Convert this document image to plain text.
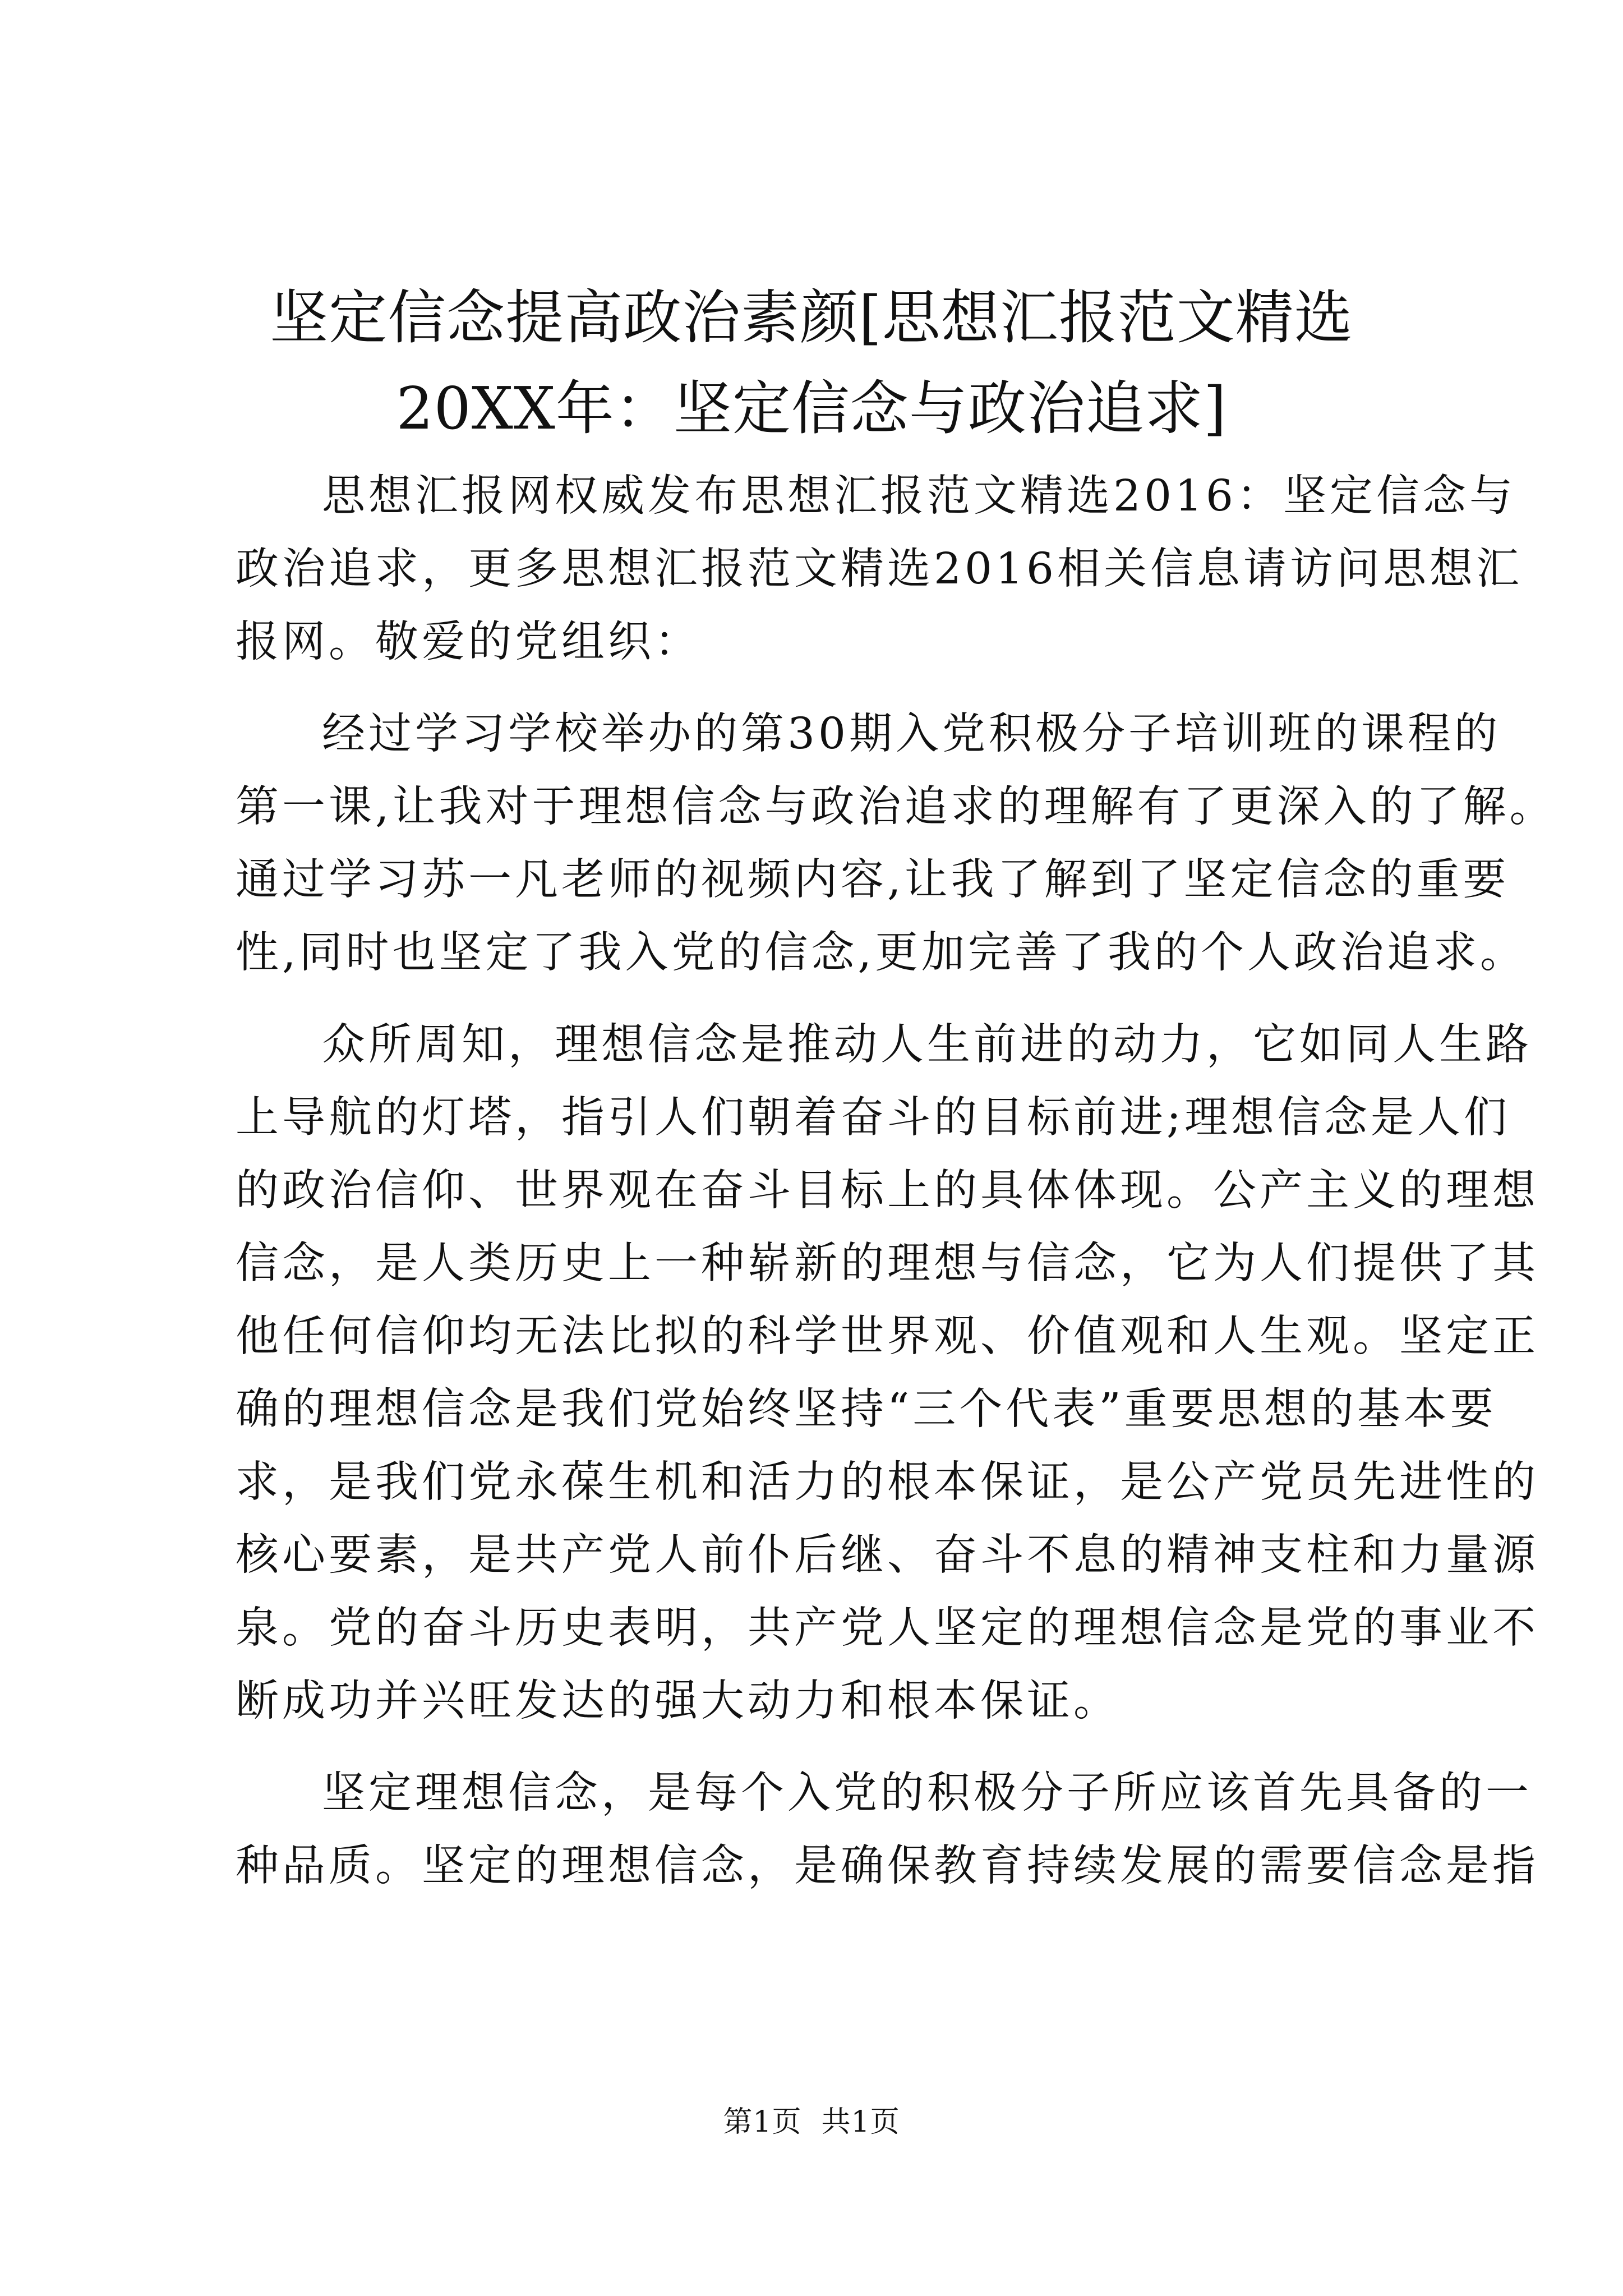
坚定信念提高政治素颜[思想汇报范文精选
20XX年：坚定信念与政治追求]
思想汇报网权威发布思想汇报范文精选2016：坚定信念与
政治追求，更多思想汇报范文精选2016相关信息请访问思想汇
报网。敬爱的党组织：
经过学习学校举办的第30期入党积极分子培训班的课程的
第一课,让我对于理想信念与政治追求的理解有了更深入的了解。
通过学习苏一凡老师的视频内容,让我了解到了坚定信念的重要
性,同时也坚定了我入党的信念,更加完善了我的个人政治追求。
众所周知，理想信念是推动人生前进的动力，它如同人生路
上导航的灯塔，指引人们朝着奋斗的目标前进;理想信念是人们
的政治信仰、世界观在奋斗目标上的具体体现。公产主义的理想
信念，是人类历史上一种崭新的理想与信念，它为人们提供了其
他任何信仰均无法比拟的科学世界观、价值观和人生观。坚定正
确的理想信念是我们党始终坚持“三个代表”重要思想的基本要
求，是我们党永葆生机和活力的根本保证，是公产党员先进性的
核心要素，是共产党人前仆后继、奋斗不息的精神支柱和力量源
泉。党的奋斗历史表明，共产党人坚定的理想信念是党的事业不
断成功并兴旺发达的强大动力和根本保证。
坚定理想信念，是每个入党的积极分子所应该首先具备的一
种品质。坚定的理想信念，是确保教育持续发展的需要信念是指
第1页  共1页
